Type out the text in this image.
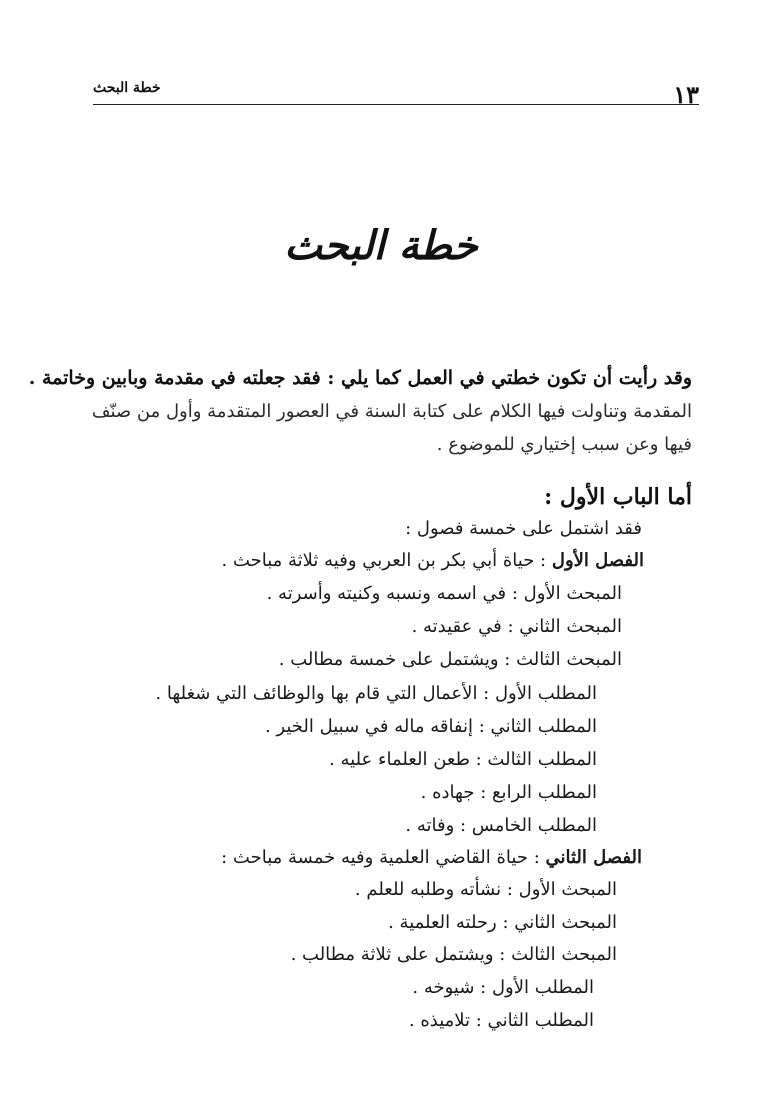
١٣
خطة البحث
خطة البحث
وقد رأيت أن تكون خطتي في العمل كما يلي : فقد جعلته في مقدمة وبابين وخاتمة .
المقدمة وتناولت فيها الكلام على كتابة السنة في العصور المتقدمة وأول من صنّف
فيها وعن سبب إختياري للموضوع .
أما الباب الأول :
فقد اشتمل على خمسة فصول :
الفصل الأول : حياة أبي بكر بن العربي وفيه ثلاثة مباحث .
المبحث الأول : في اسمه ونسبه وكنيته وأسرته .
المبحث الثاني : في عقيدته .
المبحث الثالث : ويشتمل على خمسة مطالب .
المطلب الأول : الأعمال التي قام بها والوظائف التي شغلها .
المطلب الثاني : إنفاقه ماله في سبيل الخير .
المطلب الثالث : طعن العلماء عليه .
المطلب الرابع : جهاده .
المطلب الخامس : وفاته .
الفصل الثاني : حياة القاضي العلمية وفيه خمسة مباحث :
المبحث الأول : نشأته وطلبه للعلم .
المبحث الثاني : رحلته العلمية .
المبحث الثالث : ويشتمل على ثلاثة مطالب .
المطلب الأول : شيوخه .
المطلب الثاني : تلاميذه .
